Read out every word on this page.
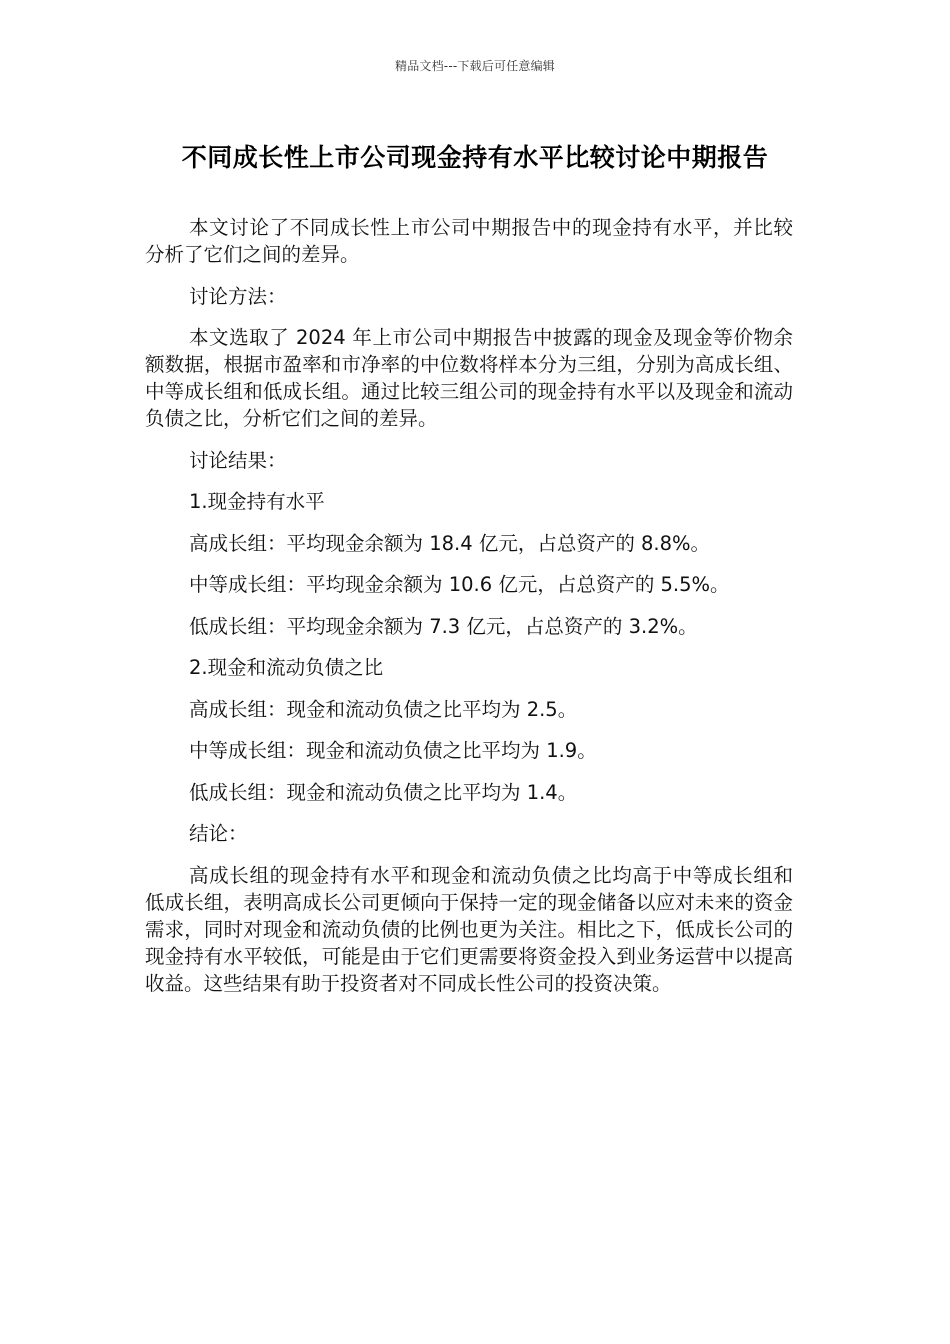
精品文档---下载后可任意编辑
不同成长性上市公司现金持有水平比较讨论中期报告

本文讨论了不同成长性上市公司中期报告中的现金持有水平，并比较分析了它们之间的差异。

讨论方法：

本文选取了 2024 年上市公司中期报告中披露的现金及现金等价物余额数据，根据市盈率和市净率的中位数将样本分为三组，分别为高成长组、中等成长组和低成长组。通过比较三组公司的现金持有水平以及现金和流动负债之比，分析它们之间的差异。

讨论结果：

1.现金持有水平

高成长组：平均现金余额为 18.4 亿元，占总资产的 8.8%。

中等成长组：平均现金余额为 10.6 亿元，占总资产的 5.5%。

低成长组：平均现金余额为 7.3 亿元，占总资产的 3.2%。

2.现金和流动负债之比

高成长组：现金和流动负债之比平均为 2.5。

中等成长组：现金和流动负债之比平均为 1.9。

低成长组：现金和流动负债之比平均为 1.4。

结论：

高成长组的现金持有水平和现金和流动负债之比均高于中等成长组和低成长组，表明高成长公司更倾向于保持一定的现金储备以应对未来的资金需求，同时对现金和流动负债的比例也更为关注。相比之下，低成长公司的现金持有水平较低，可能是由于它们更需要将资金投入到业务运营中以提高收益。这些结果有助于投资者对不同成长性公司的投资决策。
